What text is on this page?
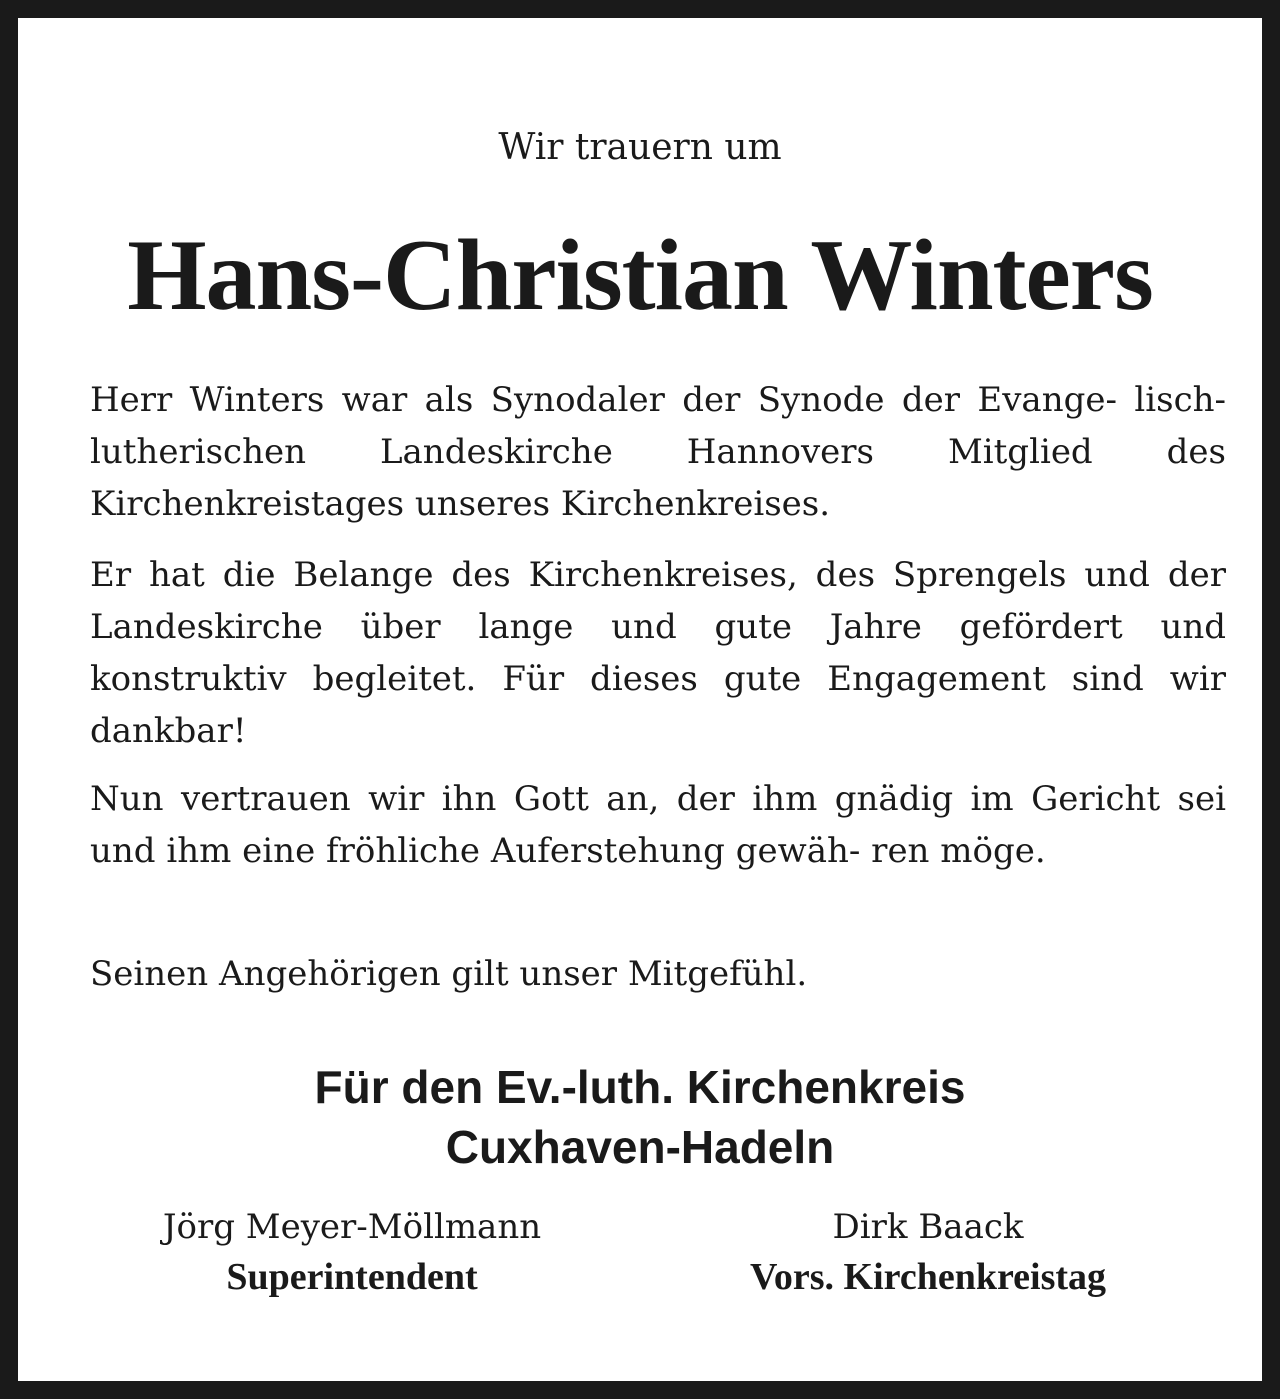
Wir trauern um
Hans-Christian Winters
Herr Winters war als Synodaler der Synode der Evange- lisch-lutherischen Landeskirche Hannovers Mitglied des Kirchenkreistages unseres Kirchenkreises.
Er hat die Belange des Kirchenkreises, des Sprengels und der Landeskirche über lange und gute Jahre gefördert und konstruktiv begleitet. Für dieses gute Engagement sind wir dankbar!
Nun vertrauen wir ihn Gott an, der ihm gnädig im Gericht sei und ihm eine fröhliche Auferstehung gewäh- ren möge.
Seinen Angehörigen gilt unser Mitgefühl.
Für den Ev.-luth. Kirchenkreis
Cuxhaven-Hadeln
Jörg Meyer-Möllmann
Superintendent
Dirk Baack
Vors. Kirchenkreistag
